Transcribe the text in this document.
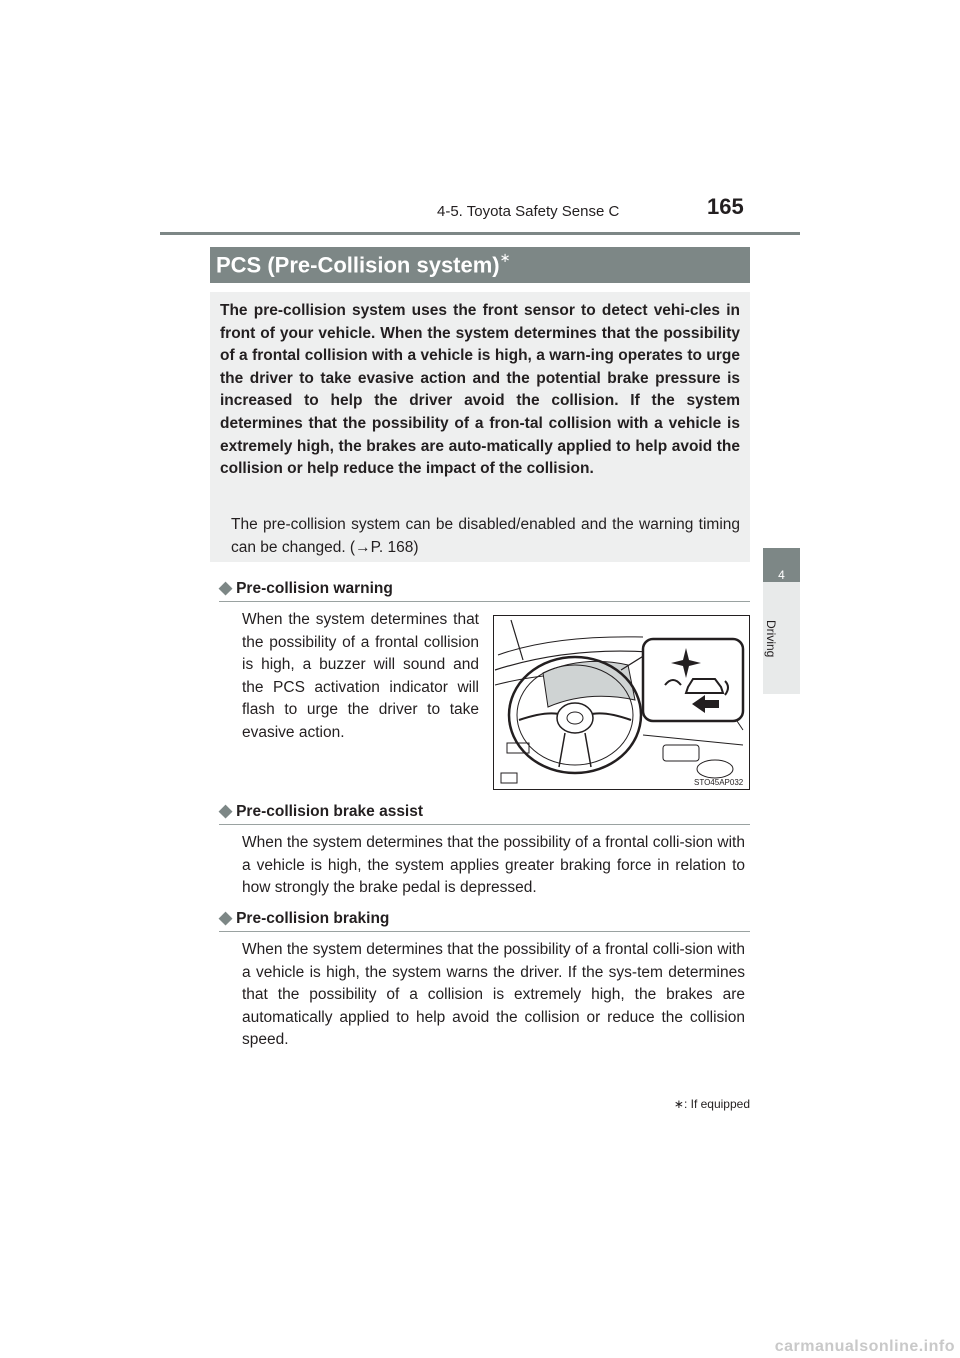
4-5. Toyota Safety Sense C	165
4
Driving
PCS (Pre-Collision system)∗

The pre-collision system uses the front sensor to detect vehi-cles in front of your vehicle. When the system determines that the possibility of a frontal collision with a vehicle is high, a warn-ing operates to urge the driver to take evasive action and the potential brake pressure is increased to help the driver avoid the collision. If the system determines that the possibility of a fron-tal collision with a vehicle is extremely high, the brakes are auto-matically applied to help avoid the collision or help reduce the impact of the collision.

The pre-collision system can be disabled/enabled and the warning timing can be changed. (→P. 168)

◆ Pre-collision warning

When the system determines that the possibility of a frontal collision is high, a buzzer will sound and the PCS activation indicator will flash to urge the driver to take evasive action.

STO45AP032
◆ Pre-collision brake assist

When the system determines that the possibility of a frontal colli-sion with a vehicle is high, the system applies greater braking force in relation to how strongly the brake pedal is depressed.

◆ Pre-collision braking

When the system determines that the possibility of a frontal colli-sion with a vehicle is high, the system warns the driver. If the sys-tem determines that the possibility of a collision is extremely high, the brakes are automatically applied to help avoid the collision or reduce the collision speed.

∗: If equipped
carmanualsonline.info
